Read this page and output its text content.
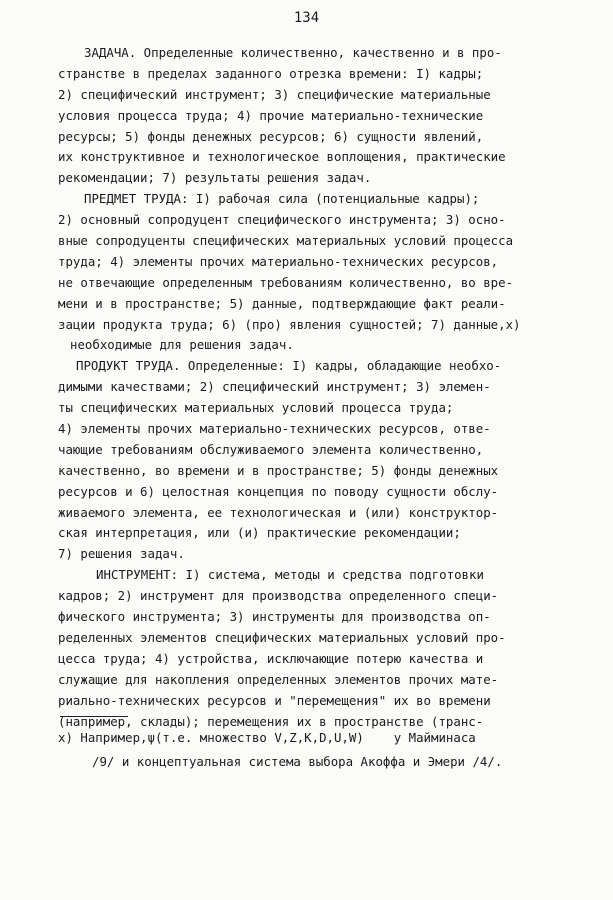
134
ЗАДАЧА. Определенные количественно, качественно и в про-
странстве в пределах заданного отрезка времени: I) кадры;
2) специфический инструмент; 3) специфические материальные
условия процесса труда; 4) прочие материально-технические
ресурсы; 5) фонды денежных ресурсов; 6) сущности явлений,
их конструктивное и технологическое воплощения, практические
рекомендации; 7) результаты решения задач.
ПРЕДМЕТ ТРУДА: I) рабочая сила (потенциальные кадры);
2) основный сопродуцент специфического инструмента; 3) осно-
вные сопродуценты специфических материальных условий процесса
труда; 4) элементы прочих материально-технических ресурсов,
не отвечающие определенным требованиям количественно, во вре-
мени и в пространстве; 5) данные, подтверждающие факт реали-
зации продукта труда; 6) (про) явления сущностей; 7) данные,x)
необходимые для решения задач.
ПРОДУКТ ТРУДА. Определенные: I) кадры, обладающие необхо-
димыми качествами; 2) специфический инструмент; 3) элемен-
ты специфических материальных условий процесса труда;
4) элементы прочих материально-технических ресурсов, отве-
чающие требованиям обслуживаемого элемента количественно,
качественно, во времени и в пространстве; 5) фонды денежных
ресурсов и 6) целостная концепция по поводу сущности обслу-
живаемого элемента, ее технологическая и (или) конструктор-
ская интерпретация, или (и) практические рекомендации;
7) решения задач.
ИНСТРУМЕНТ: I) система, методы и средства подготовки
кадров; 2) инструмент для производства определенного специ-
фического инструмента; 3) инструменты для производства оп-
ределенных элементов специфических материальных условий про-
цесса труда; 4) устройства, исключающие потерю качества и
служащие для накопления определенных элементов прочих мате-
риально-технических ресурсов и "перемещения" их во времени
(например, склады); перемещения их в пространстве (транс-
x) Например,ψ(т.е. множество V,Z,K,D,U,W)    у Майминаса
/9/ и концептуальная система выбора Акоффа и Эмери /4/.
